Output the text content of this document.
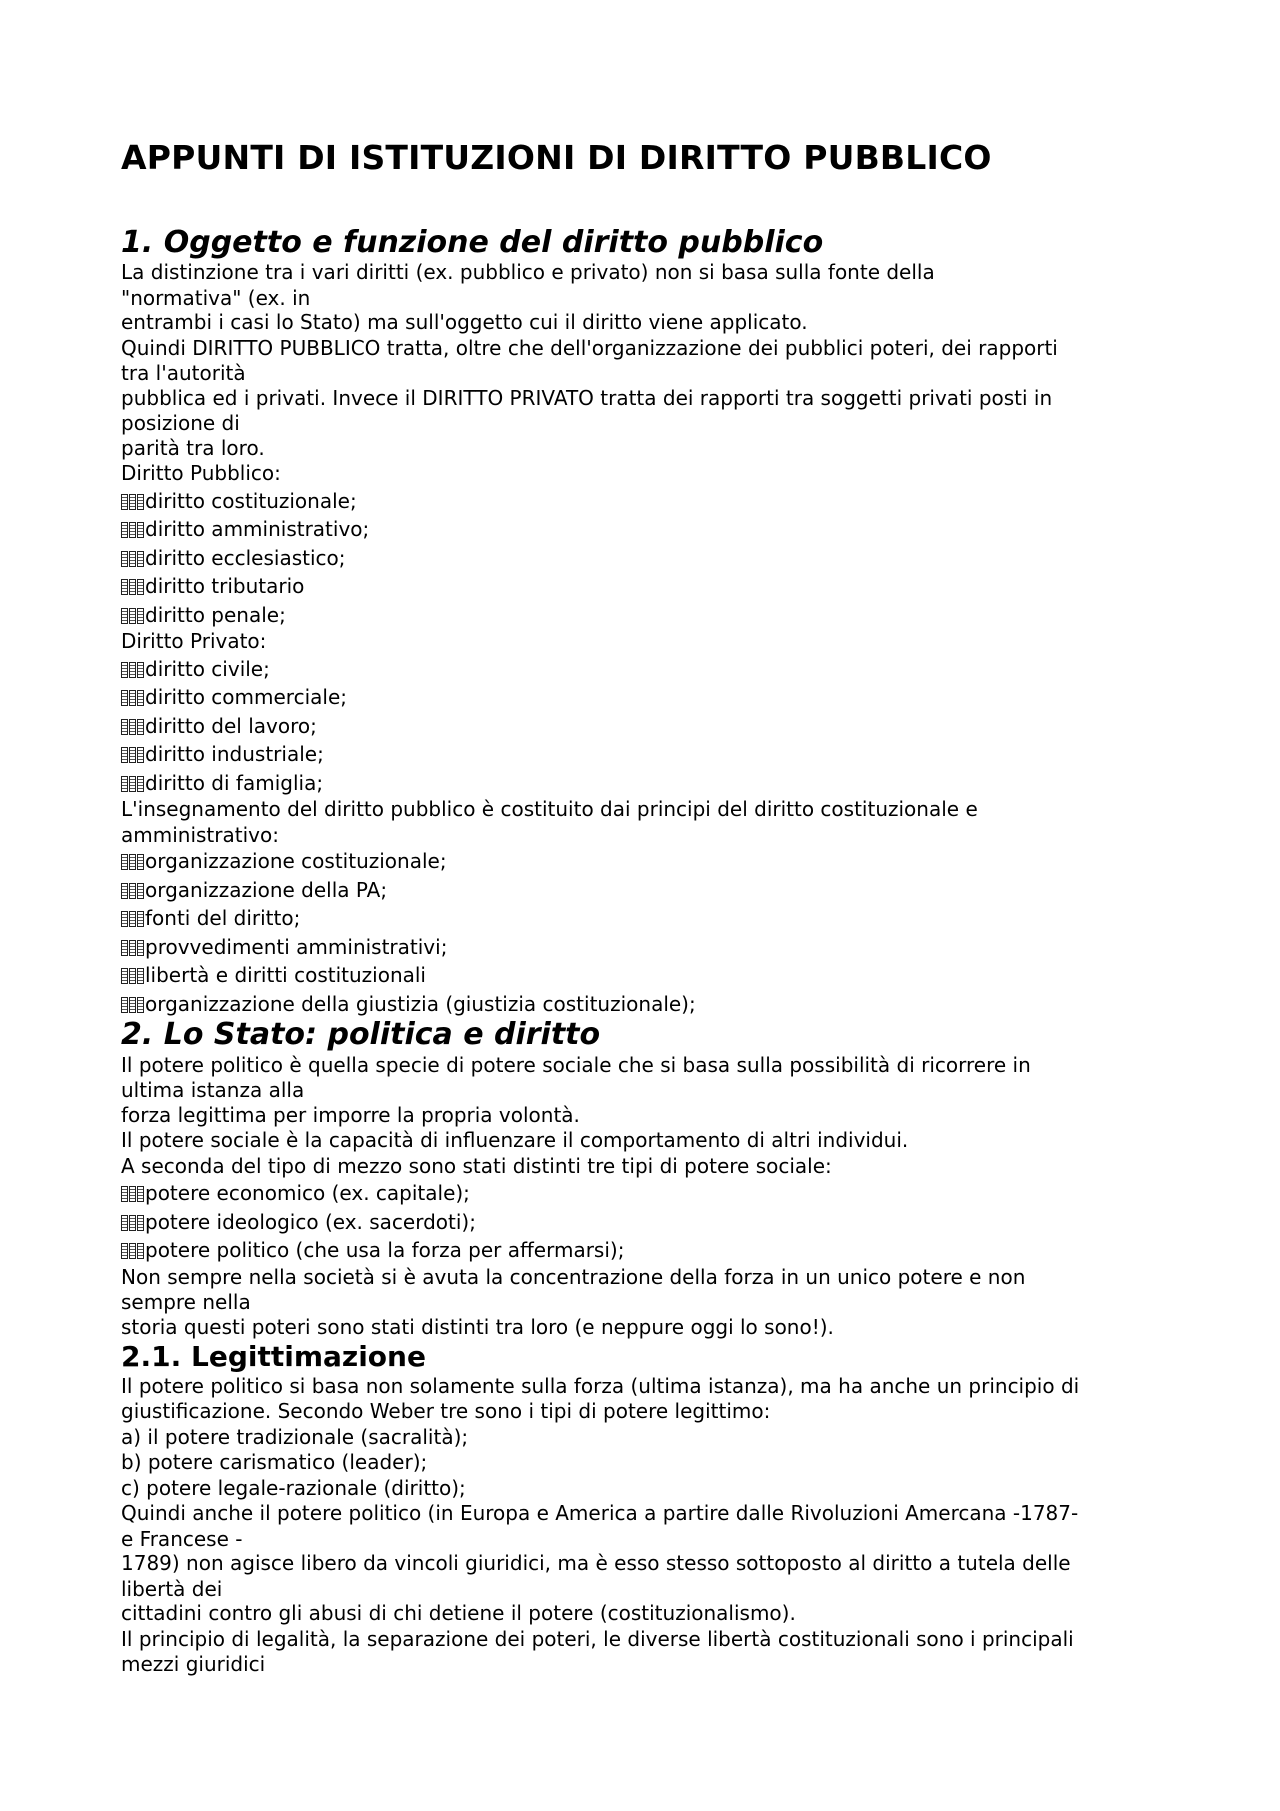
APPUNTI DI ISTITUZIONI DI DIRITTO PUBBLICO
1. Oggetto e funzione del diritto pubblico
La distinzione tra i vari diritti (ex. pubblico e privato) non si basa sulla fonte della
"normativa" (ex. in
entrambi i casi lo Stato) ma sull'oggetto cui il diritto viene applicato.
Quindi DIRITTO PUBBLICO tratta, oltre che dell'organizzazione dei pubblici poteri, dei rapporti
tra l'autorità
pubblica ed i privati. Invece il DIRITTO PRIVATO tratta dei rapporti tra soggetti privati posti in
posizione di
parità tra loro.
Diritto Pubblico:
diritto costituzionale;
diritto amministrativo;
diritto ecclesiastico;
diritto tributario
diritto penale;
Diritto Privato:
diritto civile;
diritto commerciale;
diritto del lavoro;
diritto industriale;
diritto di famiglia;
L'insegnamento del diritto pubblico è costituito dai principi del diritto costituzionale e
amministrativo:
organizzazione costituzionale;
organizzazione della PA;
fonti del diritto;
provvedimenti amministrativi;
libertà e diritti costituzionali
organizzazione della giustizia (giustizia costituzionale);
2. Lo Stato: politica e diritto
Il potere politico è quella specie di potere sociale che si basa sulla possibilità di ricorrere in
ultima istanza alla
forza legittima per imporre la propria volontà.
Il potere sociale è la capacità di influenzare il comportamento di altri individui.
A seconda del tipo di mezzo sono stati distinti tre tipi di potere sociale:
potere economico (ex. capitale);
potere ideologico (ex. sacerdoti);
potere politico (che usa la forza per affermarsi);
Non sempre nella società si è avuta la concentrazione della forza in un unico potere e non
sempre nella
storia questi poteri sono stati distinti tra loro (e neppure oggi lo sono!).
2.1. Legittimazione
Il potere politico si basa non solamente sulla forza (ultima istanza), ma ha anche un principio di
giustificazione. Secondo Weber tre sono i tipi di potere legittimo:
a) il potere tradizionale (sacralità);
b) potere carismatico (leader);
c) potere legale-razionale (diritto);
Quindi anche il potere politico (in Europa e America a partire dalle Rivoluzioni Amercana -1787-
e Francese -
1789) non agisce libero da vincoli giuridici, ma è esso stesso sottoposto al diritto a tutela delle
libertà dei
cittadini contro gli abusi di chi detiene il potere (costituzionalismo).
Il principio di legalità, la separazione dei poteri, le diverse libertà costituzionali sono i principali
mezzi giuridici
